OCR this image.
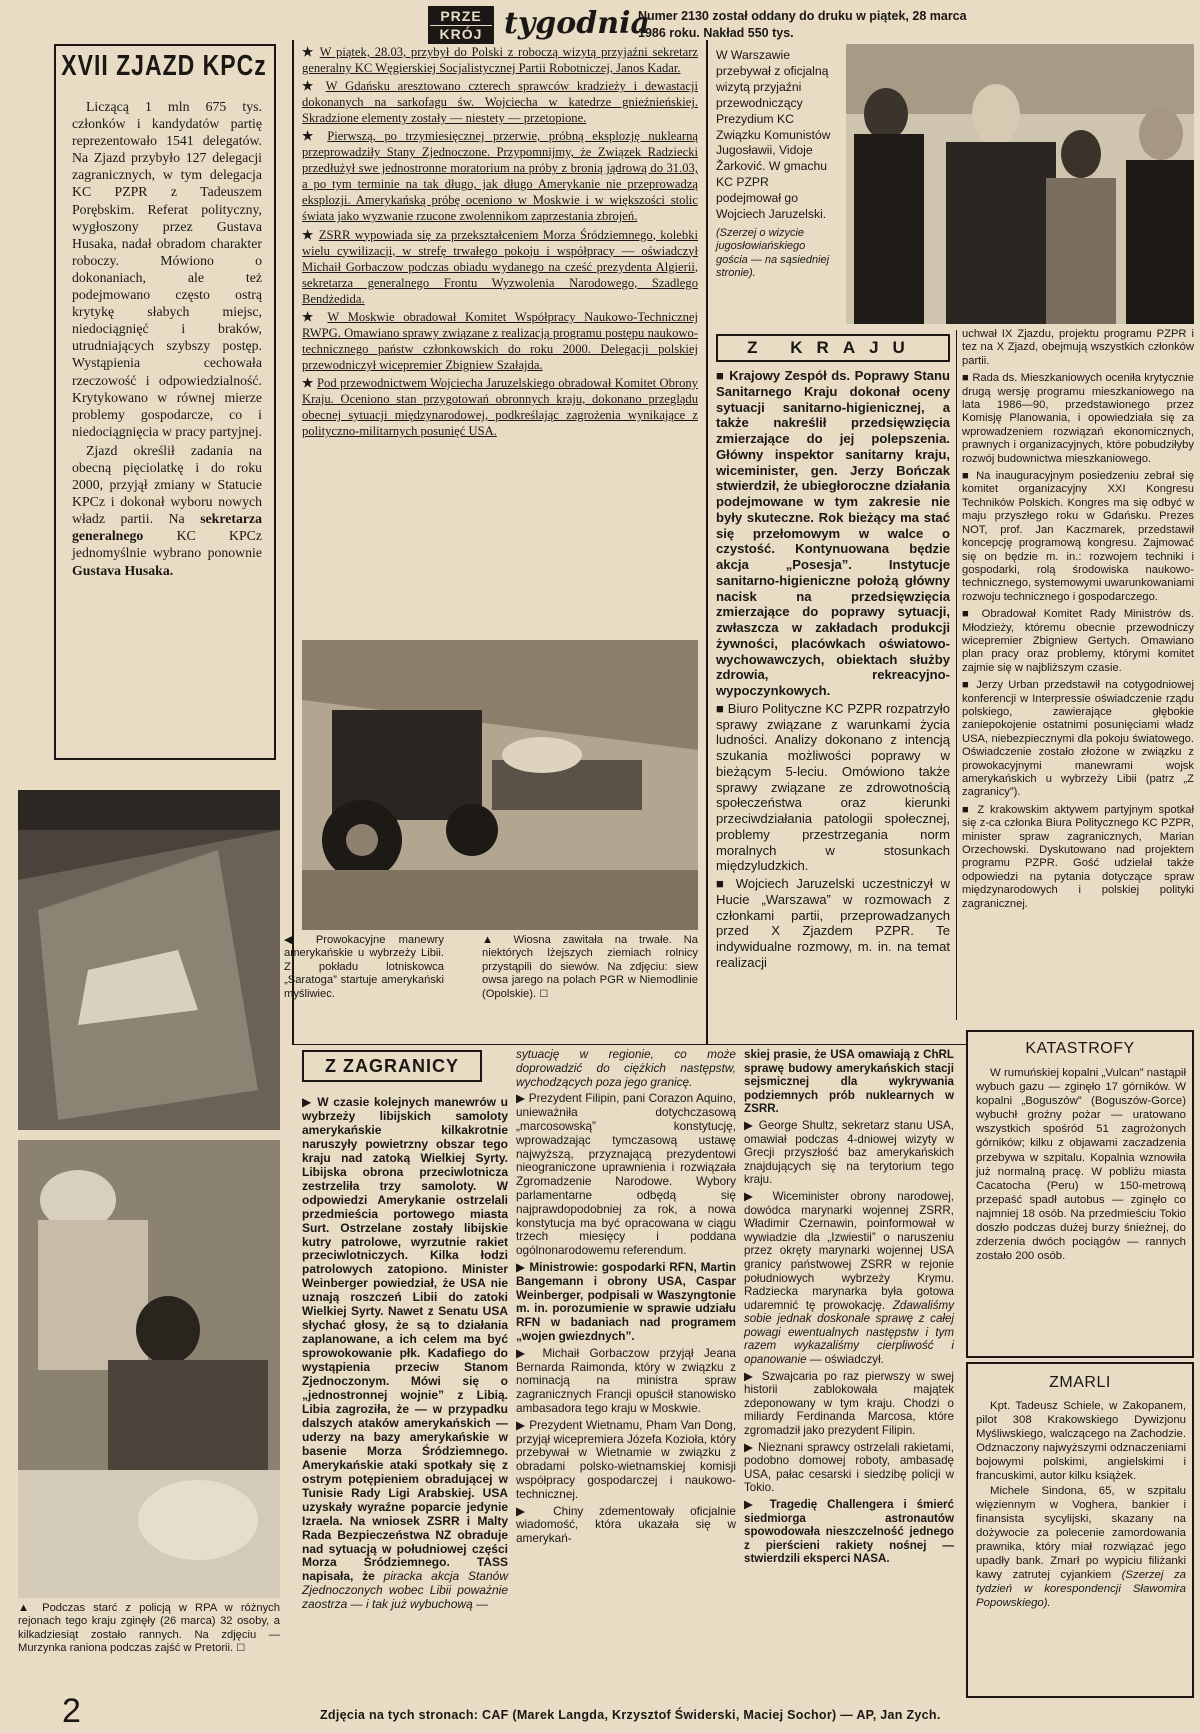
PRZE
KRÓJ tygodnia
Numer 2130 został oddany do druku w piątek, 28 marca 1986 roku. Nakład 550 tys.
XVII ZJAZD KPCz

Liczącą 1 mln 675 tys. członków i kandydatów partię reprezentowało 1541 delegatów. Na Zjazd przybyło 127 delegacji zagranicznych, w tym delegacja KC PZPR z Tadeuszem Porębskim. Referat polityczny, wygłoszony przez Gustava Husaka, nadał obradom charakter roboczy. Mówiono o dokonaniach, ale też podejmowano często ostrą krytykę słabych miejsc, niedociągnięć i braków, utrudniających szybszy postęp. Wystąpienia cechowała rzeczowość i odpowiedzialność. Krytykowano w równej mierze problemy gospodarcze, co i niedociągnięcia w pracy partyjnej.

Zjazd określił zadania na obecną pięciolatkę i do roku 2000, przyjął zmiany w Statucie KPCz i dokonał wyboru nowych władz partii. Na sekretarza generalnego KC KPCz jednomyślnie wybrano ponownie Gustava Husaka.

★ W piątek, 28.03, przybył do Polski z roboczą wizytą przyjaźni sekretarz generalny KC Węgierskiej Socjalistycznej Partii Robotniczej, Janos Kadar.

★ W Gdańsku aresztowano czterech sprawców kradzieży i dewastacji dokonanych na sarkofagu św. Wojciecha w katedrze gnieźnieńskiej. Skradzione elementy zostały — niestety — przetopione.

★ Pierwszą, po trzymiesięcznej przerwie, próbną eksplozję nuklearną przeprowadziły Stany Zjednoczone. Przypomnijmy, że Związek Radziecki przedłużył swe jednostronne moratorium na próby z bronią jądrową do 31.03, a po tym terminie na tak długo, jak długo Amerykanie nie przeprowadzą eksplozji. Amerykańską próbę oceniono w Moskwie i w większości stolic świata jako wyzwanie rzucone zwolennikom zaprzestania zbrojeń.

★ ZSRR wypowiada się za przekształceniem Morza Śródziemnego, kolebki wielu cywilizacji, w strefę trwałego pokoju i współpracy — oświadczył Michaił Gorbaczow podczas obiadu wydanego na cześć prezydenta Algierii, sekretarza generalnego Frontu Wyzwolenia Narodowego, Szadlego Bendżedida.

★ W Moskwie obradował Komitet Współpracy Naukowo-Technicznej RWPG. Omawiano sprawy związane z realizacją programu postępu naukowo-technicznego państw członkowskich do roku 2000. Delegacji polskiej przewodniczył wicepremier Zbigniew Szałajda.

★ Pod przewodnictwem Wojciecha Jaruzelskiego obradował Komitet Obrony Kraju. Oceniono stan przygotowań obronnych kraju, dokonano przeglądu obecnej sytuacji międzynarodowej, podkreślając zagrożenia wynikające z polityczno-militarnych posunięć USA.

W Warszawie przebywał z oficjalną wizytą przyjaźni przewodniczący Prezydium KC Związku Komunistów Jugosławii, Vidoje Žarković. W gmachu KC PZPR podejmował go Wojciech Jaruzelski.

(Szerzej o wizycie jugosłowiańskiego gościa — na sąsiedniej stronie).

Z KRAJU

■ Krajowy Zespół ds. Poprawy Stanu Sanitarnego Kraju dokonał oceny sytuacji sanitarno-higienicznej, a także nakreślił przedsięwzięcia zmierzające do jej polepszenia. Główny inspektor sanitarny kraju, wiceminister, gen. Jerzy Bończak stwierdził, że ubiegłoroczne działania podejmowane w tym zakresie nie były skuteczne. Rok bieżący ma stać się przełomowym w walce o czystość. Kontynuowana będzie akcja „Posesja”. Instytucje sanitarno-higieniczne położą główny nacisk na przedsięwzięcia zmierzające do poprawy sytuacji, zwłaszcza w zakładach produkcji żywności, placówkach oświatowo-wychowawczych, obiektach służby zdrowia, rekreacyjno-wypoczynkowych.

■ Biuro Polityczne KC PZPR rozpatrzyło sprawy związane z warunkami życia ludności. Analizy dokonano z intencją szukania możliwości poprawy w bieżącym 5-leciu. Omówiono także sprawy związane ze zdrowotnością społeczeństwa oraz kierunki przeciwdziałania patologii społecznej, problemy przestrzegania norm moralnych w stosunkach międzyludzkich.

■ Wojciech Jaruzelski uczestniczył w Hucie „Warszawa” w rozmowach z członkami partii, przeprowadzanych przed X Zjazdem PZPR. Te indywidualne rozmowy, m. in. na temat realizacji

uchwał IX Zjazdu, projektu programu PZPR i tez na X Zjazd, obejmują wszystkich członków partii.

■ Rada ds. Mieszkaniowych oceniła krytycznie drugą wersję programu mieszkaniowego na lata 1986—90, przedstawionego przez Komisję Planowania, i opowiedziała się za wprowadzeniem rozwiązań ekonomicznych, prawnych i organizacyjnych, które pobudziłyby rozwój budownictwa mieszkaniowego.

■ Na inauguracyjnym posiedzeniu zebrał się komitet organizacyjny XXI Kongresu Techników Polskich. Kongres ma się odbyć w maju przyszłego roku w Gdańsku. Prezes NOT, prof. Jan Kaczmarek, przedstawił koncepcję programową kongresu. Zajmować się on będzie m. in.: rozwojem techniki i gospodarki, rolą środowiska naukowo-technicznego, systemowymi uwarunkowaniami rozwoju technicznego i gospodarczego.

■ Obradował Komitet Rady Ministrów ds. Młodzieży, któremu obecnie przewodniczy wicepremier Zbigniew Gertych. Omawiano plan pracy oraz problemy, którymi komitet zajmie się w najbliższym czasie.

■ Jerzy Urban przedstawił na cotygodniowej konferencji w Interpressie oświadczenie rządu polskiego, zawierające głębokie zaniepokojenie ostatnimi posunięciami władz USA, niebezpiecznymi dla pokoju światowego. Oświadczenie zostało złożone w związku z prowokacyjnymi manewrami wojsk amerykańskich u wybrzeży Libii (patrz „Z zagranicy”).

■ Z krakowskim aktywem partyjnym spotkał się z-ca członka Biura Politycznego KC PZPR, minister spraw zagranicznych, Marian Orzechowski. Dyskutowano nad projektem programu PZPR. Gość udzielał także odpowiedzi na pytania dotyczące spraw międzynarodowych i polskiej polityki zagranicznej.

◀ Prowokacyjne manewry amerykańskie u wybrzeży Libii. Z pokładu lotniskowca „Saratoga” startuje amerykański myśliwiec.
▲ Wiosna zawitała na trwałe. Na niektórych lżejszych ziemiach rolnicy przystąpili do siewów. Na zdjęciu: siew owsa jarego na polach PGR w Niemodlinie (Opolskie). ☐
▲ Podczas starć z policją w RPA w różnych rejonach tego kraju zginęły (26 marca) 32 osoby, a kilkadziesiąt zostało rannych. Na zdjęciu — Murzynka raniona podczas zajść w Pretorii. ☐
Z ZAGRANICY

▶ W czasie kolejnych manewrów u wybrzeży libijskich samoloty amerykańskie kilkakrotnie naruszyły powietrzny obszar tego kraju nad zatoką Wielkiej Syrty. Libijska obrona przeciwlotnicza zestrzeliła trzy samoloty. W odpowiedzi Amerykanie ostrzelali przedmieścia portowego miasta Surt. Ostrzelane zostały libijskie kutry patrolowe, wyrzutnie rakiet przeciwlotniczych. Kilka łodzi patrolowych zatopiono. Minister Weinberger powiedział, że USA nie uznają roszczeń Libii do zatoki Wielkiej Syrty. Nawet z Senatu USA słychać głosy, że są to działania zaplanowane, a ich celem ma być sprowokowanie płk. Kadafiego do wystąpienia przeciw Stanom Zjednoczonym. Mówi się o „jednostronnej wojnie” z Libią. Libia zagroziła, że — w przypadku dalszych ataków amerykańskich — uderzy na bazy amerykańskie w basenie Morza Śródziemnego. Amerykańskie ataki spotkały się z ostrym potępieniem obradującej w Tunisie Rady Ligi Arabskiej. USA uzyskały wyraźne poparcie jedynie Izraela. Na wniosek ZSRR i Malty Rada Bezpieczeństwa NZ obraduje nad sytuacją w południowej części Morza Śródziemnego. TASS napisała, że piracka akcja Stanów Zjednoczonych wobec Libii poważnie zaostrza — i tak już wybuchową —

sytuację w regionie, co może doprowadzić do ciężkich następstw, wychodzących poza jego granicę.

▶ Prezydent Filipin, pani Corazon Aquino, unieważniła dotychczasową „marcosowską” konstytucję, wprowadzając tymczasową ustawę najwyższą, przyznającą prezydentowi nieograniczone uprawnienia i rozwiązała Zgromadzenie Narodowe. Wybory parlamentarne odbędą się najprawdopodobniej za rok, a nowa konstytucja ma być opracowana w ciągu trzech miesięcy i poddana ogólnonarodowemu referendum.

▶ Ministrowie: gospodarki RFN, Martin Bangemann i obrony USA, Caspar Weinberger, podpisali w Waszyngtonie m. in. porozumienie w sprawie udziału RFN w badaniach nad programem „wojen gwiezdnych”.

▶ Michaił Gorbaczow przyjął Jeana Bernarda Raimonda, który w związku z nominacją na ministra spraw zagranicznych Francji opuścił stanowisko ambasadora tego kraju w Moskwie.

▶ Prezydent Wietnamu, Pham Van Dong, przyjął wicepremiera Józefa Kozioła, który przebywał w Wietnamie w związku z obradami polsko-wietnamskiej komisji współpracy gospodarczej i naukowo-technicznej.

▶ Chiny zdementowały oficjalnie wiadomość, która ukazała się w amerykań-

skiej prasie, że USA omawiają z ChRL sprawę budowy amerykańskich stacji sejsmicznej dla wykrywania podziemnych prób nuklearnych w ZSRR.

▶ George Shultz, sekretarz stanu USA, omawiał podczas 4-dniowej wizyty w Grecji przyszłość baz amerykańskich znajdujących się na terytorium tego kraju.

▶ Wiceminister obrony narodowej, dowódca marynarki wojennej ZSRR, Władimir Czernawin, poinformował w wywiadzie dla „Izwiestii” o naruszeniu przez okręty marynarki wojennej USA granicy państwowej ZSRR w rejonie południowych wybrzeży Krymu. Radziecka marynarka była gotowa udaremnić tę prowokację. Zdawaliśmy sobie jednak doskonale sprawę z całej powagi ewentualnych następstw i tym razem wykazaliśmy cierpliwość i opanowanie — oświadczył.

▶ Szwajcaria po raz pierwszy w swej historii zablokowała majątek zdeponowany w tym kraju. Chodzi o miliardy Ferdinanda Marcosa, które zgromadził jako prezydent Filipin.

▶ Nieznani sprawcy ostrzelali rakietami, podobno domowej roboty, ambasadę USA, pałac cesarski i siedzibę policji w Tokio.

▶ Tragedię Challengera i śmierć siedmiorga astronautów spowodowała nieszczelność jednego z pierścieni rakiety nośnej — stwierdzili eksperci NASA.

KATASTROFY

W rumuńskiej kopalni „Vulcan” nastąpił wybuch gazu — zginęło 17 górników. W kopalni „Boguszów” (Boguszów-Gorce) wybuchł groźny pożar — uratowano wszystkich spośród 51 zagrożonych górników; kilku z objawami zaczadzenia przebywa w szpitalu. Kopalnia wznowiła już normalną pracę. W pobliżu miasta Cacatocha (Peru) w 150-metrową przepaść spadł autobus — zginęło co najmniej 18 osób. Na przedmieściu Tokio doszło podczas dużej burzy śnieżnej, do zderzenia dwóch pociągów — rannych zostało 200 osób.

ZMARLI

Kpt. Tadeusz Schiele, w Zakopanem, pilot 308 Krakowskiego Dywizjonu Myśliwskiego, walczącego na Zachodzie. Odznaczony najwyższymi odznaczeniami bojowymi polskimi, angielskimi i francuskimi, autor kilku książek.

Michele Sindona, 65, w szpitalu więziennym w Voghera, bankier i finansista sycylijski, skazany na dożywocie za polecenie zamordowania prawnika, który miał rozwiązać jego upadły bank. Zmarł po wypiciu filiżanki kawy zatrutej cyjankiem (Szerzej za tydzień w korespondencji Sławomira Popowskiego).

2	Zdjęcia na tych stronach: CAF (Marek Langda, Krzysztof Świderski, Maciej Sochor) — AP, Jan Zych.
